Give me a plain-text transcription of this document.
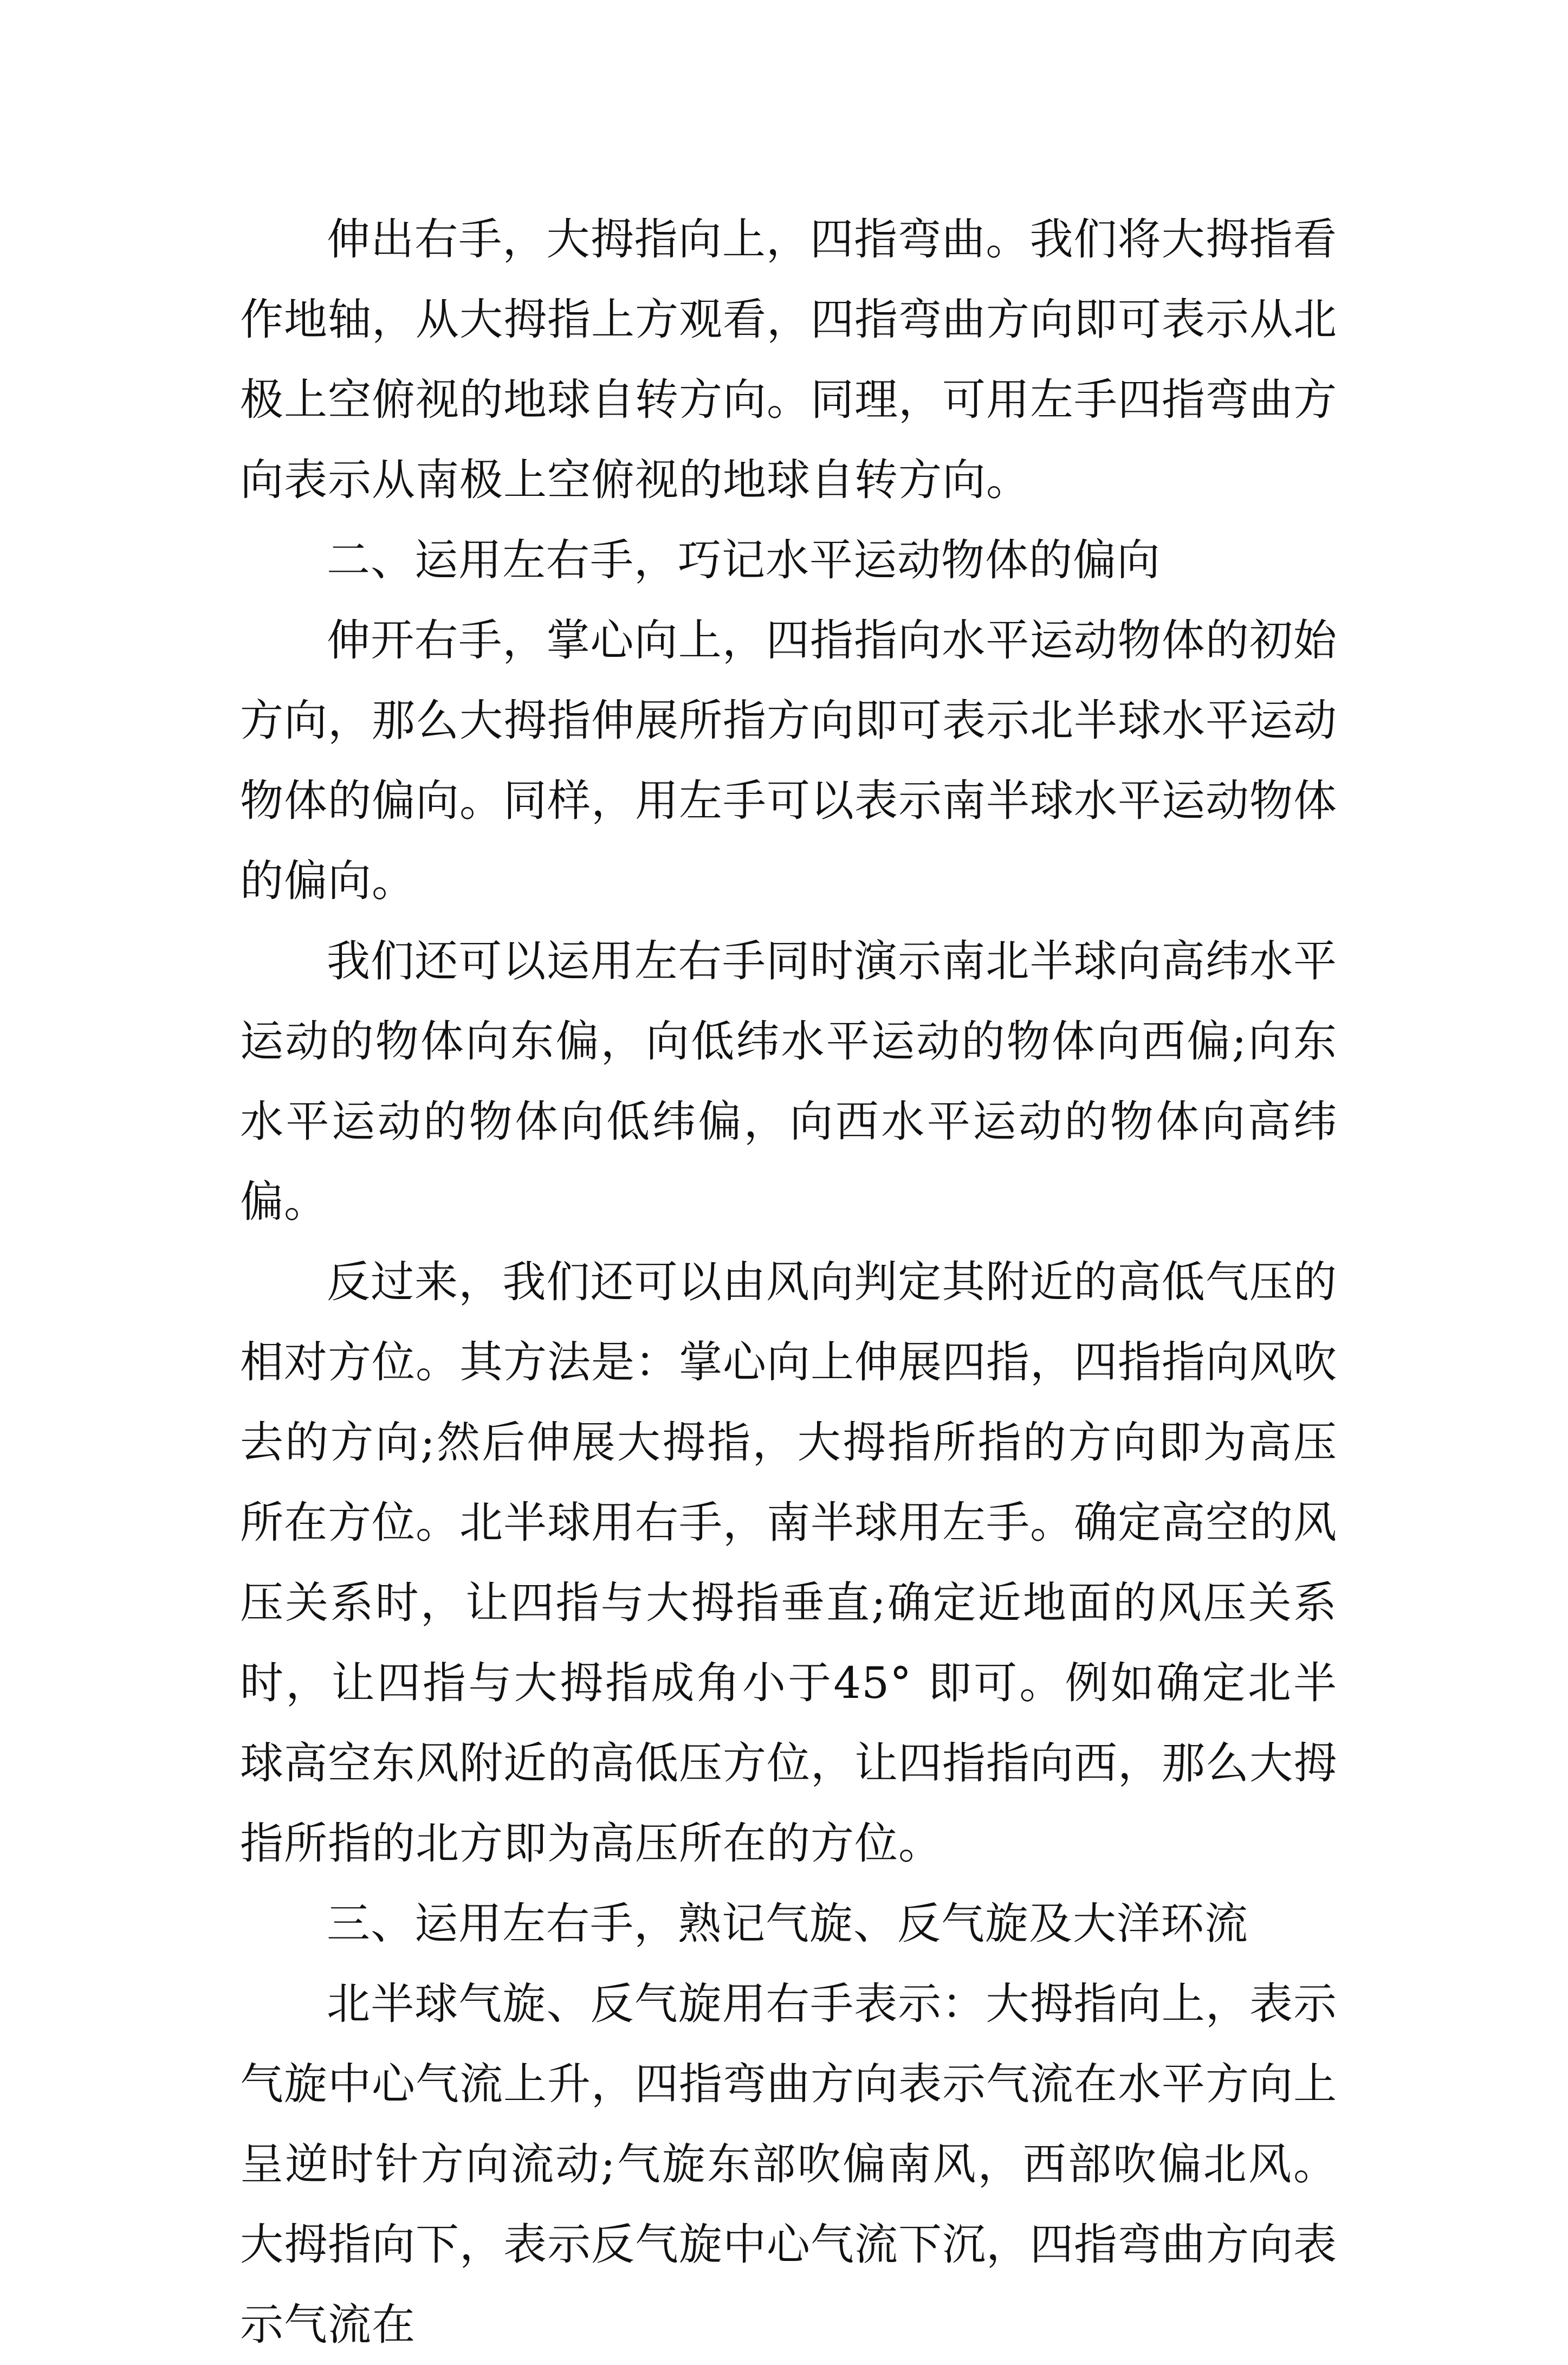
伸出右手，大拇指向上，四指弯曲。我们将大拇指看作地轴，从大拇指上方观看，四指弯曲方向即可表示从北极上空俯视的地球自转方向。同理，可用左手四指弯曲方向表示从南极上空俯视的地球自转方向。

二、运用左右手，巧记水平运动物体的偏向

伸开右手，掌心向上，四指指向水平运动物体的初始方向，那么大拇指伸展所指方向即可表示北半球水平运动物体的偏向。同样，用左手可以表示南半球水平运动物体的偏向。

我们还可以运用左右手同时演示南北半球向高纬水平运动的物体向东偏，向低纬水平运动的物体向西偏;向东水平运动的物体向低纬偏，向西水平运动的物体向高纬偏。

反过来，我们还可以由风向判定其附近的高低气压的相对方位。其方法是：掌心向上伸展四指，四指指向风吹去的方向;然后伸展大拇指，大拇指所指的方向即为高压所在方位。北半球用右手，南半球用左手。确定高空的风压关系时，让四指与大拇指垂直;确定近地面的风压关系时，让四指与大拇指成角小于45° 即可。例如确定北半球高空东风附近的高低压方位，让四指指向西，那么大拇指所指的北方即为高压所在的方位。

三、运用左右手，熟记气旋、反气旋及大洋环流

北半球气旋、反气旋用右手表示：大拇指向上，表示气旋中心气流上升，四指弯曲方向表示气流在水平方向上呈逆时针方向流动;气旋东部吹偏南风，西部吹偏北风。大拇指向下，表示反气旋中心气流下沉，四指弯曲方向表示气流在
